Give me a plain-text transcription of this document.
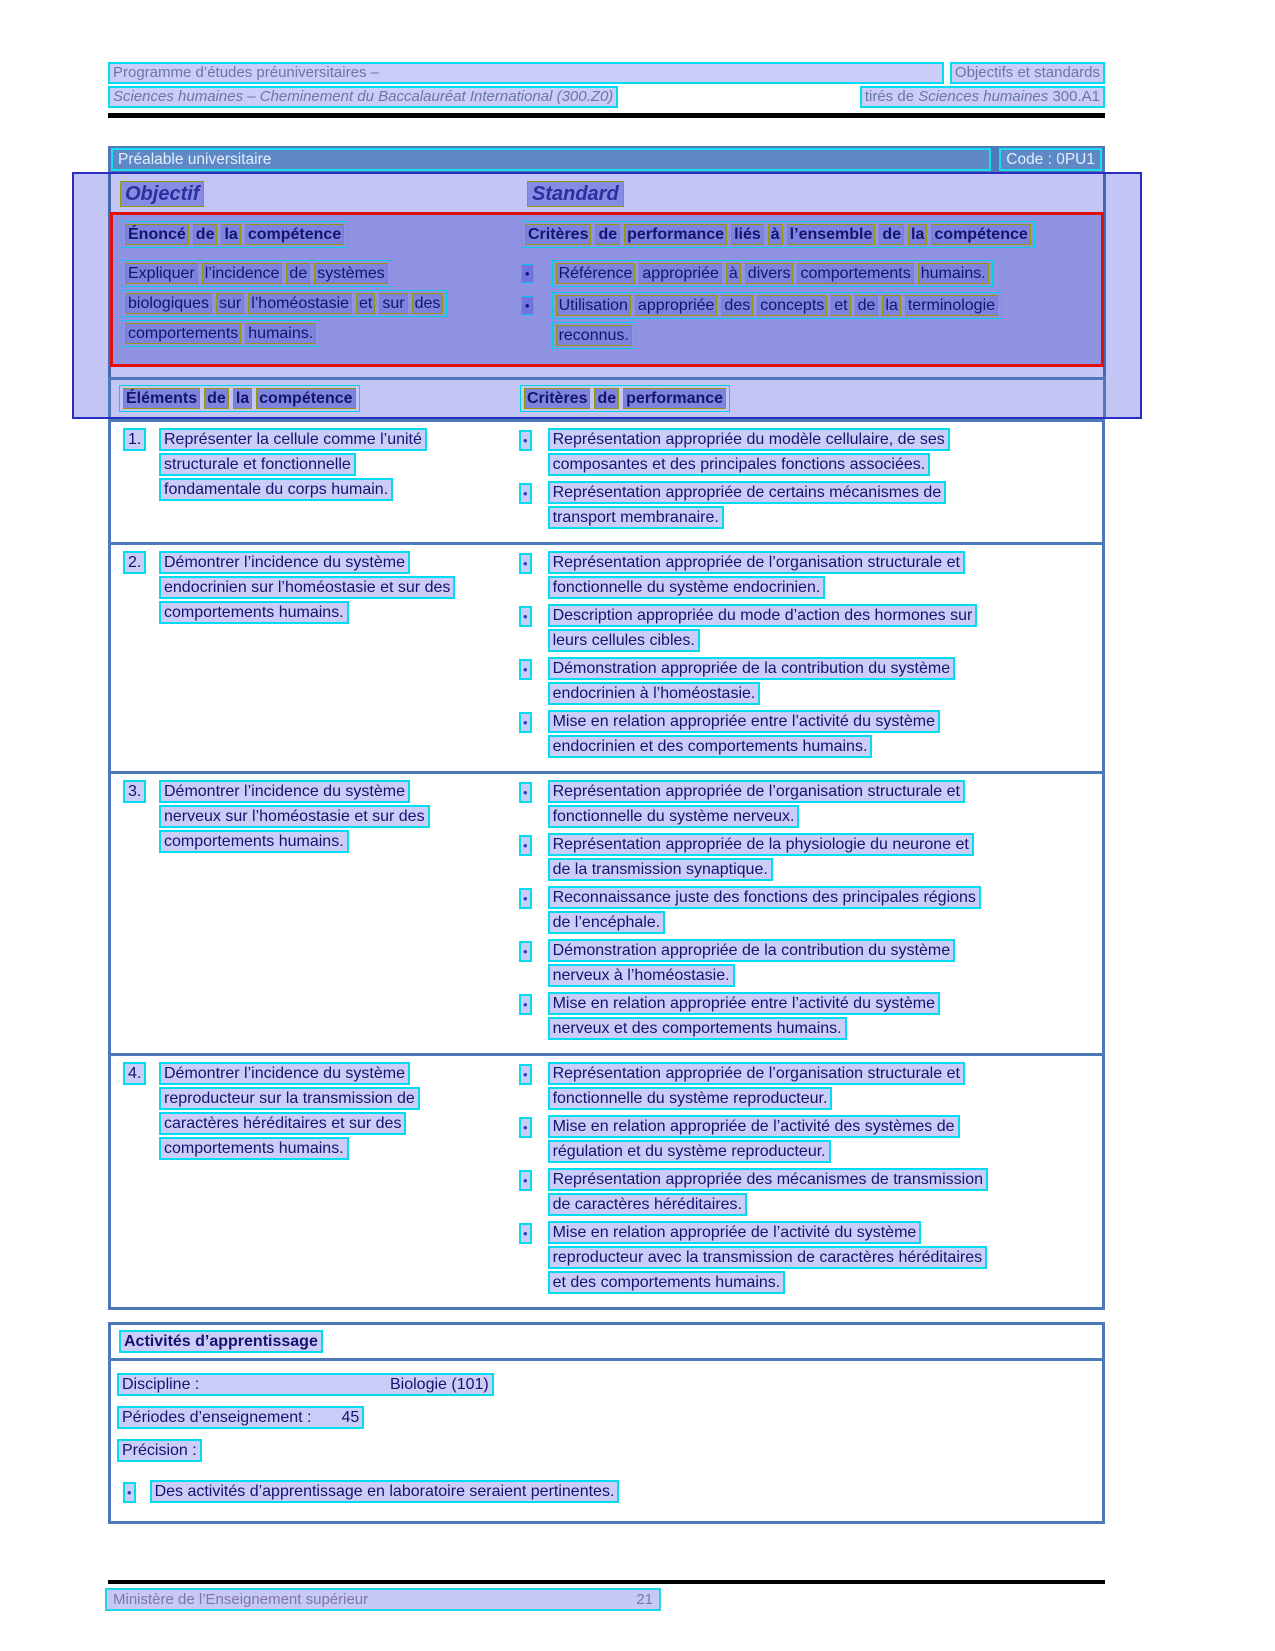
Programme d’études préuniversitaires –	Objectifs et standards
Sciences humaines – Cheminement du Baccalauréat International (300.Z0)	tirés de Sciences humaines 300.A1
Préalable universitaire	Code : 0PU1
Objectif	Standard
Énoncé de la compétence	Critères de performance liés à l’ensemble de la compétence
Expliquer l’incidence de systèmes
biologiques sur l’homéostasie et sur des
comportements humains.
•	Référence appropriée à divers comportements humains.
•	Utilisation appropriée des concepts et de la terminologie
reconnus.
Éléments de la compétence	Critères de performance
1.	Représenter la cellule comme l’unité
structurale et fonctionnelle
fondamentale du corps humain.
•	Représentation appropriée du modèle cellulaire, de ses
composantes et des principales fonctions associées.
•	Représentation appropriée de certains mécanismes de
transport membranaire.
2.	Démontrer l’incidence du système
endocrinien sur l’homéostasie et sur des
comportements humains.
•	Représentation appropriée de l’organisation structurale et
fonctionnelle du système endocrinien.
•	Description appropriée du mode d’action des hormones sur
leurs cellules cibles.
•	Démonstration appropriée de la contribution du système
endocrinien à l’homéostasie.
•	Mise en relation appropriée entre l’activité du système
endocrinien et des comportements humains.
3.	Démontrer l’incidence du système
nerveux sur l’homéostasie et sur des
comportements humains.
•	Représentation appropriée de l’organisation structurale et
fonctionnelle du système nerveux.
•	Représentation appropriée de la physiologie du neurone et
de la transmission synaptique.
•	Reconnaissance juste des fonctions des principales régions
de l’encéphale.
•	Démonstration appropriée de la contribution du système
nerveux à l’homéostasie.
•	Mise en relation appropriée entre l’activité du système
nerveux et des comportements humains.
4.	Démontrer l’incidence du système
reproducteur sur la transmission de
caractères héréditaires et sur des
comportements humains.
•	Représentation appropriée de l’organisation structurale et
fonctionnelle du système reproducteur.
•	Mise en relation appropriée de l’activité des systèmes de
régulation et du système reproducteur.
•	Représentation appropriée des mécanismes de transmission
de caractères héréditaires.
•	Mise en relation appropriée de l’activité du système
reproducteur avec la transmission de caractères héréditaires
et des comportements humains.
Activités d’apprentissage
Discipline :	Biologie (101)
Périodes d’enseignement : 45
Précision :
•	Des activités d’apprentissage en laboratoire seraient pertinentes.
Ministère de l’Enseignement supérieur	21
